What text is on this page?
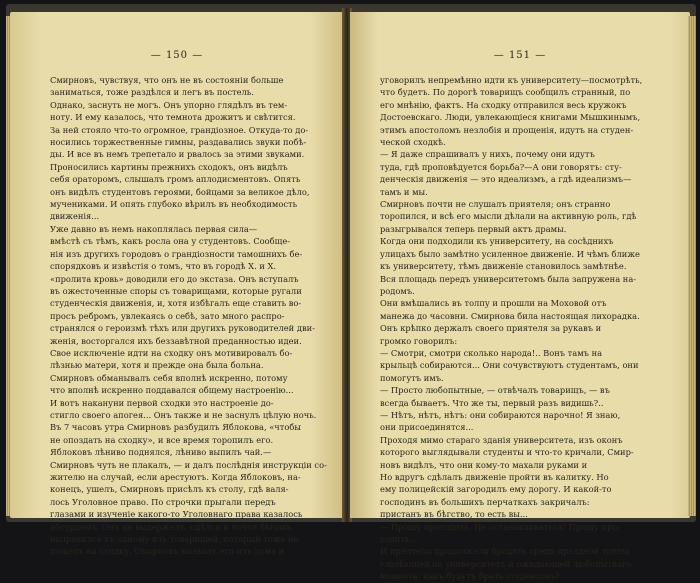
— 150 —
Смирновъ, чувствуя, что онъ не въ состоянiи больше
заниматься, тоже раздѣлся и легъ въ постель.
Однако, заснуть не могъ. Онъ упорно глядѣлъ въ тем-
ноту. И ему казалось, что темнота дрожитъ и свѣтится.
За ней стояло что-то огромное, грандiозное. Откуда-то до-
носились торжественные гимны, раздавались звуки побѣ-
ды. И все въ немъ трепетало и рвалось за этими звуками.
Проносились картины прежнихъ сходокъ, онъ видѣлъ
себя ораторомъ, слышалъ громъ аплодисментовъ. Опять
онъ видѣлъ студентовъ героями, бойцами за великое дѣло,
мучениками. И опять глубоко вѣрилъ въ необходимость
движенiя...
Уже давно въ немъ накоплялась первая сила—
вмѣстѣ съ тѣмъ, какъ росла она у студентовъ. Сообще-
нiя изъ другихъ городовъ о грандiозности тамошнихъ бе-
спорядковъ и извѣстiя о томъ, что въ городѣ Х. и X.
«пролита кровь» доводили его до экстаза. Онъ вступалъ
въ ожесточенные споры съ товарищами, которые ругали
студенческiя движенiя, и, хотя избѣгалъ еще ставить во-
просъ ребромъ, увлекаясь о себѣ, зато много распро-
странялся о героизмѣ тѣхъ или другихъ руководителей дви-
женiя, восторгался ихъ беззавѣтной преданностью идеи.
Свое исключенiе идти на сходку онъ мотивировалъ бо-
лѣзнью матери, хотя и прежде она была больна.
Смирновъ обманывалъ себя вполнѣ искренно, потому
что вполнѣ искренно поддавался общему настроенiю...
И вотъ накануни первой сходки это настроенiе до-
стигло своего апогея... Онъ также и не заснулъ цѣлую ночь.
Въ 7 часовъ утра Смирновъ разбудилъ Яблокова, «чтобы
не опоздать на сходку», и все время торопилъ его.
Яблоковъ лѣниво поднялся, лѣниво выпилъ чай.—
Смирновъ чуть не плакалъ, — и далъ послѣднiя инструкцiи со-
жителю на случай, если арестуютъ. Когда Яблоковъ, на-
конецъ, ушелъ, Смирновъ присѣлъ къ столу, гдѣ валя-
лось Уголовное право. По строчки прыгали передъ
глазами и изученiе какого-то Уголовнаго права казалось
абсурдомъ. Онъ не выдержалъ, одѣлся и почти бѣгомъ
направился къ одному изъ товарищей, который тоже не
пошелъ на сходку. Смирновъ вызвалъ его изъ дома и
— 151 —
уговорилъ непремѣнно идти къ университету—посмотрѣть,
что будетъ. По дорогѣ товарищъ сообщилъ странный, по
его мнѣнiю, фактъ. На сходку отправился весь кружокъ
Достоевскаго. Люди, увлекающiеся книгами Мышкинымъ,
этимъ апостоломъ незлобiя и прощенiя, идутъ на студен-
ческой сходкѣ.
— Я даже спрашивалъ у нихъ, почему они идутъ
туда, гдѣ проповѣдуется борьба?—А они говорятъ: сту-
денческiя движенiя — это идеализмъ, а гдѣ идеализмъ—
тамъ и мы.
Смирновъ почти не слушалъ приятеля; онъ странно
торопился, и всѣ его мысли дѣлали на активную роль, гдѣ
разыгрывался теперь первый актъ драмы.
Когда они подходили къ университету, на сосѣднихъ
улицахъ было замѣтно усиленное движенiе. И чѣмъ ближе
къ университету, тѣмъ движенiе становилось замѣтнѣе.
Вся площадь передъ университетомъ была запружена на-
родомъ.
Они вмѣшались въ толпу и прошли на Моховой отъ
манежа до часовни. Смирнова била настоящая лихорадка.
Онъ крѣпко держалъ своего приятеля за рукавъ и
громко говорилъ:
— Смотри, смотри сколько народа!.. Вонъ тамъ на
крыльцѣ собираются... Они сочувствуютъ студентамъ, они
помогутъ имъ.
— Просто любопытные, — отвѣчалъ товарищъ, — въ
всегда бываетъ. Что же ты, первый разъ видишь?..
— Нѣтъ, нѣтъ, нѣтъ: они собираются нарочно! Я знаю,
они присоединятся...
Проходя мимо стараго зданiя университета, изъ оконъ
которого выглядывали студенты и что-то кричали, Смир-
новъ видѣлъ, что они кому-то махали руками и
Но вдругъ сдѣлалъ движенiе пройти въ калитку. Но
ему полицейскiй загородилъ ему дорогу. И какой-то
господинъ въ большихъ перчаткахъ закричалъ:
пристанъ въ бѣгство, то есть вы...
— Прошу проходить. Не останавливаться! Прошу про-
ходить...
И приятели продолжали бродить среди праздной толпы,
глазѣющей на университетъ и ожидающей любопытнаго
момента: какъ будутъ брать студентовъ?
